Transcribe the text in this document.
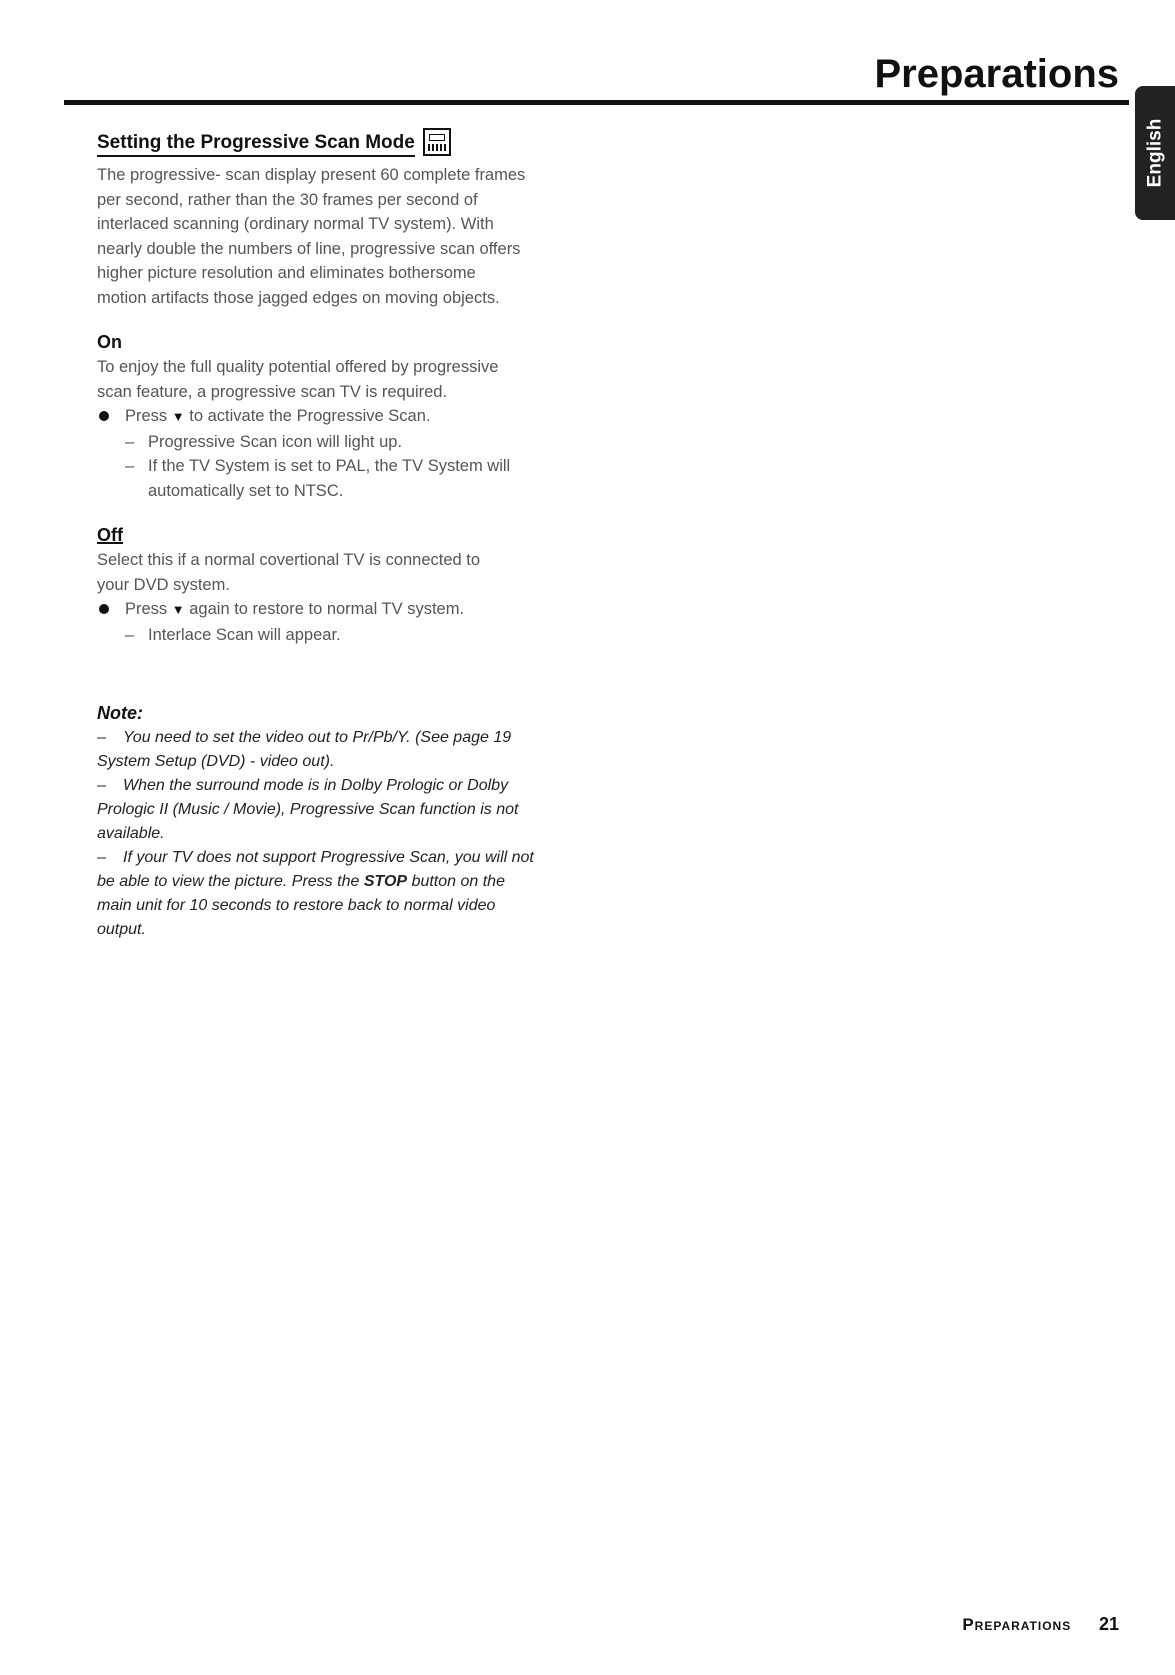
Preparations
English
Setting the Progressive Scan Mode

The progressive- scan display present 60 complete frames

per second, rather than the 30 frames per second of

interlaced scanning (ordinary normal TV system). With

nearly double the numbers of line, progressive scan offers

higher picture resolution and eliminates bothersome

motion artifacts those jagged edges on moving objects.

On

To enjoy the full quality potential offered by progressive

scan feature, a progressive scan TV is required.

Press ▼ to activate the Progressive Scan.

– Progressive Scan icon will light up.

– If the TV System is set to PAL, the TV System will

automatically set to NTSC.

Off

Select this if a normal covertional TV is connected to

your DVD system.

Press ▼ again to restore to normal TV system.

– Interlace Scan will appear.

Note:

– You need to set the video out to Pr/Pb/Y. (See page 19

System Setup (DVD) - video out).

– When the surround mode is in Dolby Prologic or Dolby

Prologic II (Music / Movie), Progressive Scan function is not

available.

– If your TV does not support Progressive Scan, you will not

be able to view the picture. Press the STOP button on the

main unit for 10 seconds to restore back to normal video

output.

Preparations 21
